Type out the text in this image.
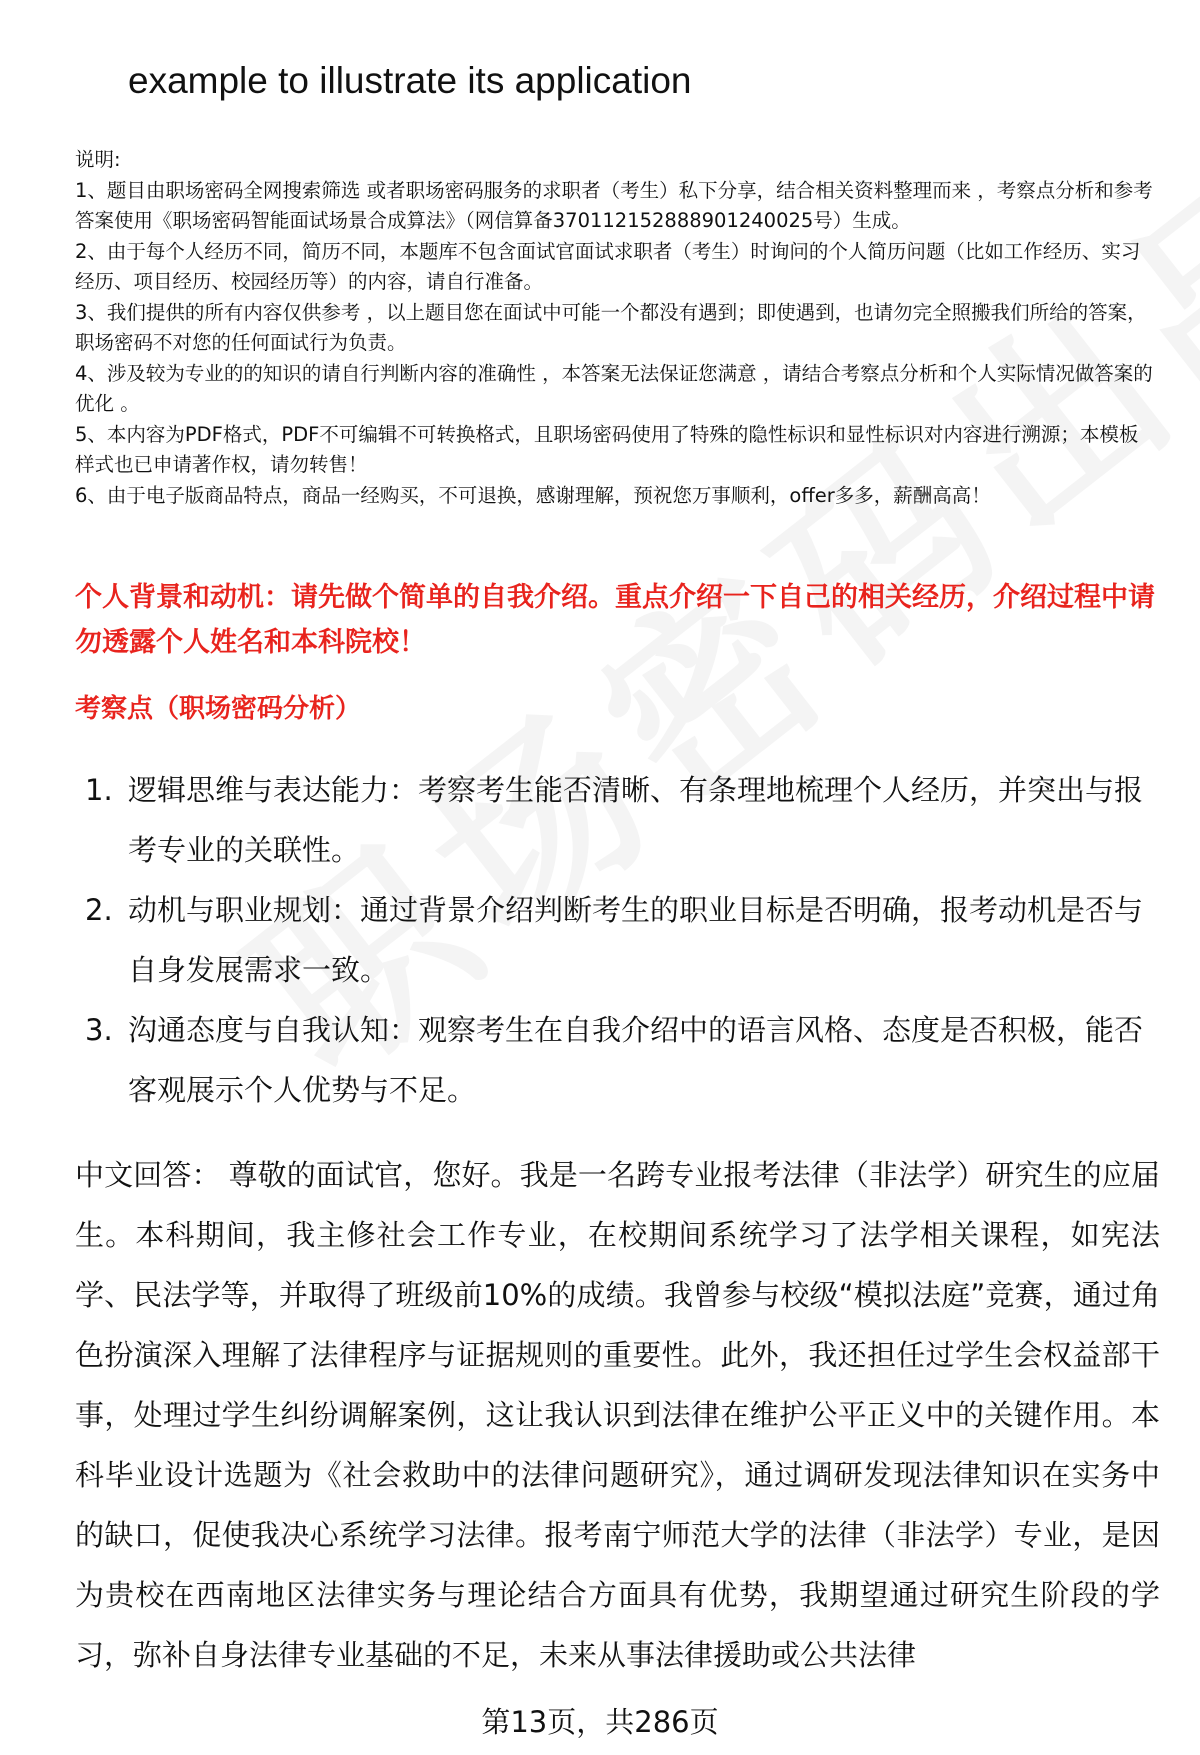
example to illustrate its application

说明:

1、题目由职场密码全网搜索筛选 或者职场密码服务的求职者（考生）私下分享，结合相关资料整理而来 ，考察点分析和参考答案使用《职场密码智能面试场景合成算法》（网信算备370112152888901240025号）生成。

2、由于每个人经历不同，简历不同，本题库不包含面试官面试求职者（考生）时询问的个人简历问题（比如工作经历、实习经历、项目经历、校园经历等）的内容，请自行准备。

3、我们提供的所有内容仅供参考 ，以上题目您在面试中可能一个都没有遇到；即使遇到，也请勿完全照搬我们所给的答案，职场密码不对您的任何面试行为负责。

4、涉及较为专业的的知识的请自行判断内容的准确性 ，本答案无法保证您满意 ，请结合考察点分析和个人实际情况做答案的优化 。

5、本内容为PDF格式，PDF不可编辑不可转换格式，且职场密码使用了特殊的隐性标识和显性标识对内容进行溯源；本模板样式也已申请著作权，请勿转售！

6、由于电子版商品特点，商品一经购买，不可退换，感谢理解，预祝您万事顺利，offer多多，薪酬高高！

个人背景和动机：请先做个简单的自我介绍。重点介绍一下自己的相关经历，介绍过程中请勿透露个人姓名和本科院校！
考察点（职场密码分析）
1. 逻辑思维与表达能力：考察考生能否清晰、有条理地梳理个人经历，并突出与报考专业的关联性。
2. 动机与职业规划：通过背景介绍判断考生的职业目标是否明确，报考动机是否与自身发展需求一致。
3. 沟通态度与自我认知：观察考生在自我介绍中的语言风格、态度是否积极，能否客观展示个人优势与不足。
中文回答： 尊敬的面试官，您好。我是一名跨专业报考法律（非法学）研究生的应届生。本科期间，我主修社会工作专业，在校期间系统学习了法学相关课程，如宪法学、民法学等，并取得了班级前10%的成绩。我曾参与校级“模拟法庭”竞赛，通过角色扮演深入理解了法律程序与证据规则的重要性。此外，我还担任过学生会权益部干事，处理过学生纠纷调解案例，这让我认识到法律在维护公平正义中的关键作用。本科毕业设计选题为《社会救助中的法律问题研究》，通过调研发现法律知识在实务中的缺口，促使我决心系统学习法律。报考南宁师范大学的法律（非法学）专业，是因为贵校在西南地区法律实务与理论结合方面具有优势，我期望通过研究生阶段的学习，弥补自身法律专业基础的不足，未来从事法律援助或公共法律
第13页，共286页
